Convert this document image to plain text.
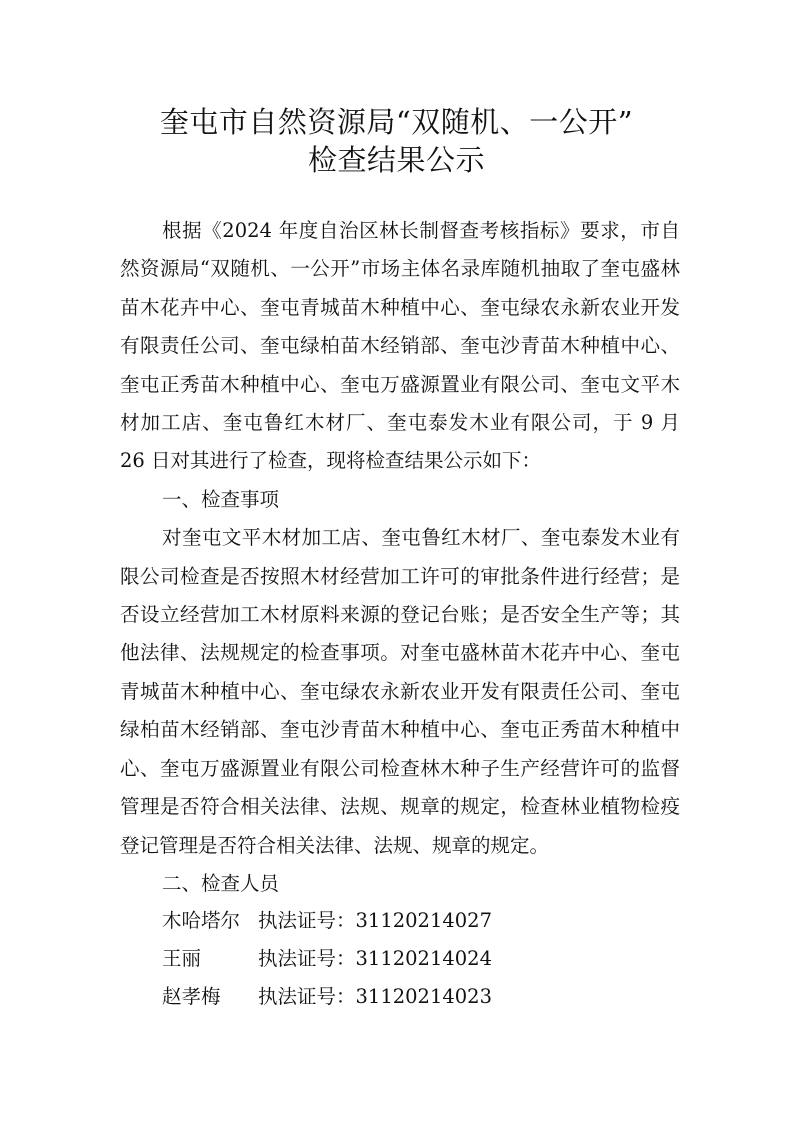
奎屯市自然资源局“双随机、一公开”
检查结果公示

根据《2024 年度自治区林长制督查考核指标》要求，市自然资源局“双随机、一公开”市场主体名录库随机抽取了奎屯盛林苗木花卉中心、奎屯青城苗木种植中心、奎屯绿农永新农业开发有限责任公司、奎屯绿柏苗木经销部、奎屯沙青苗木种植中心、奎屯正秀苗木种植中心、奎屯万盛源置业有限公司、奎屯文平木材加工店、奎屯鲁红木材厂、奎屯泰发木业有限公司，于 9 月 26 日对其进行了检查，现将检查结果公示如下：

一、检查事项

对奎屯文平木材加工店、奎屯鲁红木材厂、奎屯泰发木业有限公司检查是否按照木材经营加工许可的审批条件进行经营；是否设立经营加工木材原料来源的登记台账；是否安全生产等；其他法律、法规规定的检查事项。对奎屯盛林苗木花卉中心、奎屯青城苗木种植中心、奎屯绿农永新农业开发有限责任公司、奎屯绿柏苗木经销部、奎屯沙青苗木种植中心、奎屯正秀苗木种植中心、奎屯万盛源置业有限公司检查林木种子生产经营许可的监督管理是否符合相关法律、法规、规章的规定，检查林业植物检疫登记管理是否符合相关法律、法规、规章的规定。

二、检查人员

木哈塔尔 执法证号：31120214027
王丽	执法证号：31120214024
赵孝梅 执法证号：31120214023
